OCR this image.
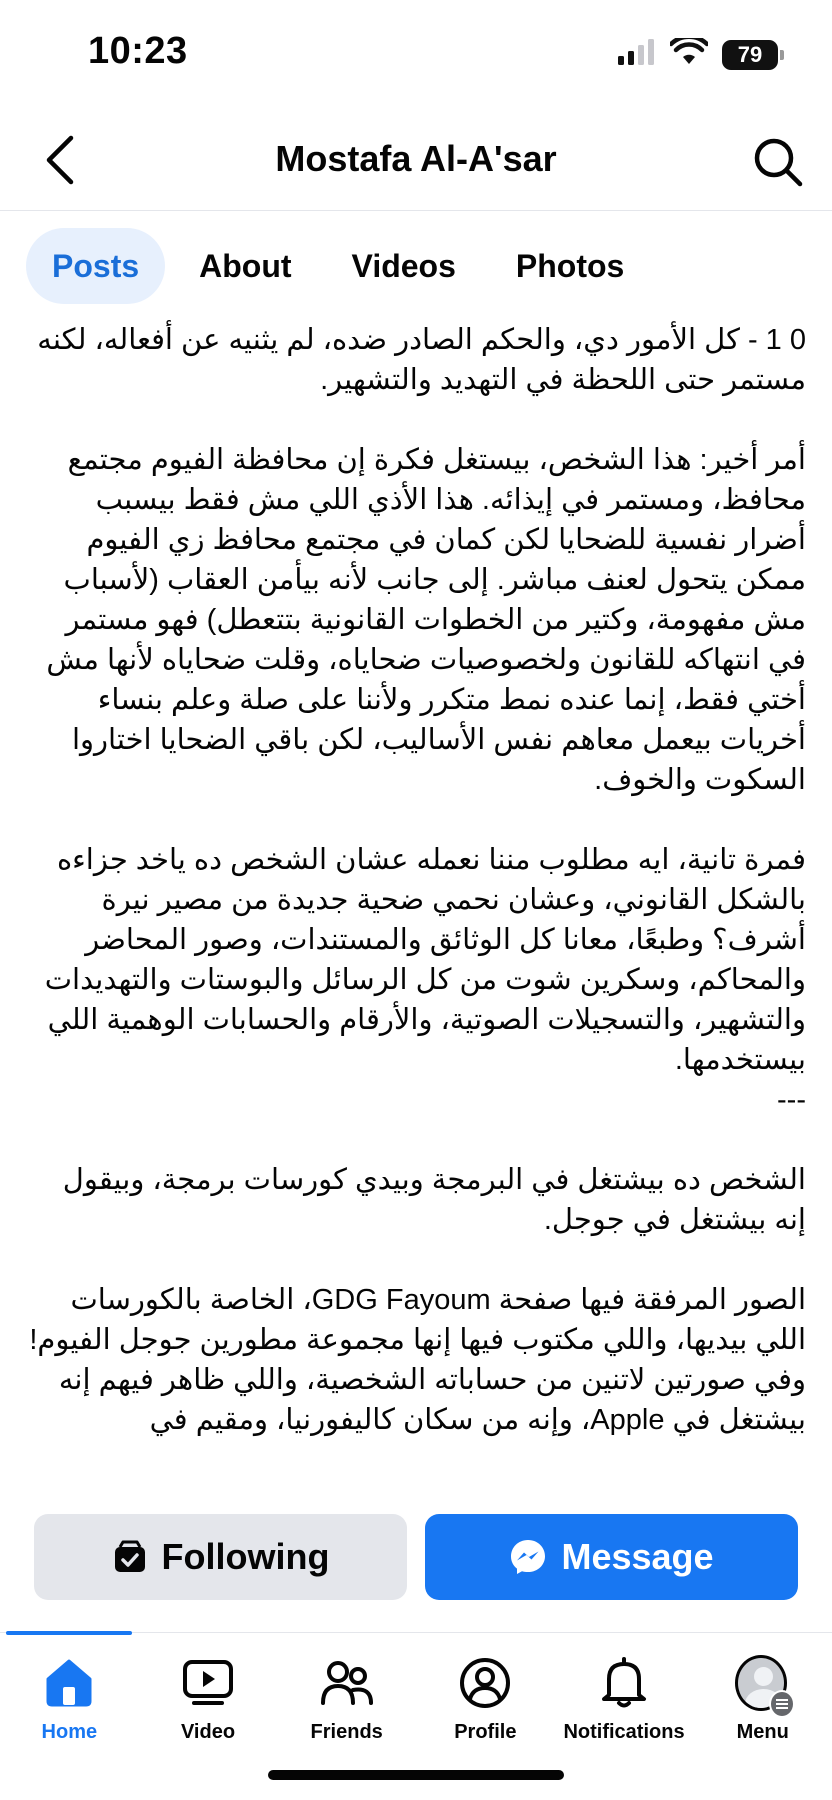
10:23	79
Mostafa Al-A'sar
Posts	About	Videos	Photos

0 1 - كل الأمور دي، والحكم الصادر ضده، لم يثنيه عن أفعاله، لكنه مستمر حتى اللحظة في التهديد والتشهير.

أمر أخير: هذا الشخص، بيستغل فكرة إن محافظة الفيوم مجتمع محافظ، ومستمر في إيذائه. هذا الأذي اللي مش فقط بيسبب أضرار نفسية للضحايا لكن كمان في مجتمع محافظ زي الفيوم ممكن يتحول لعنف مباشر. إلى جانب لأنه بيأمن العقاب (لأسباب مش مفهومة، وكتير من الخطوات القانونية بتتعطل) فهو مستمر في انتهاكه للقانون ولخصوصيات ضحاياه، وقلت ضحاياه لأنها مش أختي فقط، إنما عنده نمط متكرر ولأننا على صلة وعلم بنساء أخريات بيعمل معاهم نفس الأساليب، لكن باقي الضحايا اختاروا السكوت والخوف.

فمرة تانية، ايه مطلوب مننا نعمله عشان الشخص ده ياخد جزاءه بالشكل القانوني، وعشان نحمي ضحية جديدة من مصير نيرة أشرف؟ وطبعًا، معانا كل الوثائق والمستندات، وصور المحاضر والمحاكم، وسكرين شوت من كل الرسائل والبوستات والتهديدات والتشهير، والتسجيلات الصوتية، والأرقام والحسابات الوهمية اللي بيستخدمها.

---

الشخص ده بيشتغل في البرمجة وبيدي كورسات برمجة، وبيقول إنه بيشتغل في جوجل.

الصور المرفقة فيها صفحة GDG Fayoum، الخاصة بالكورسات اللي بيديها، واللي مكتوب فيها إنها مجموعة مطورين جوجل الفيوم!

وفي صورتين لاتنين من حساباته الشخصية، واللي ظاهر فيهم إنه بيشتغل في Apple، وإنه من سكان كاليفورنيا، ومقيم في

Following	Message
Home	Video	Friends	Profile Notifications	Menu
